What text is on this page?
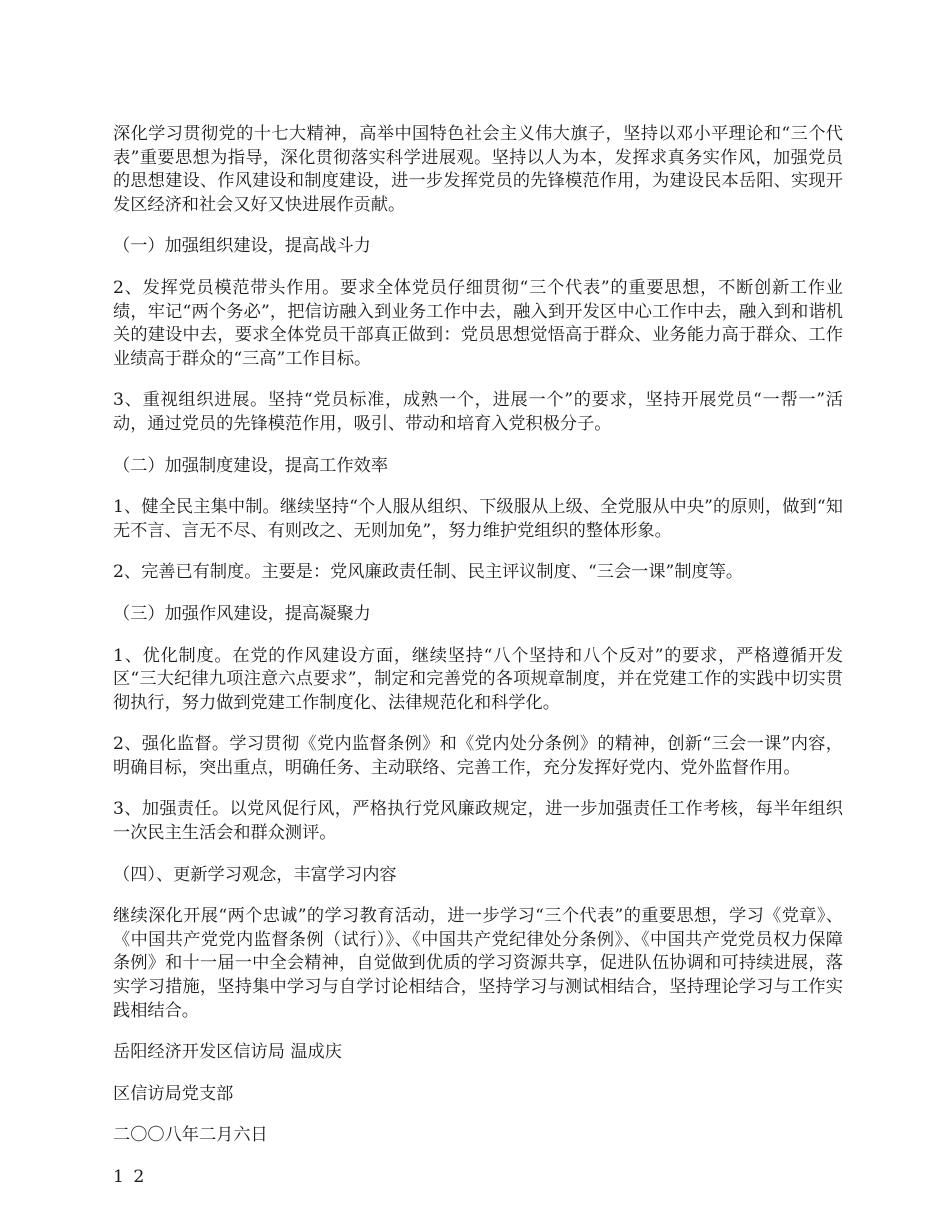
深化学习贯彻党的十七大精神，高举中国特色社会主义伟大旗子，坚持以邓小平理论和“三个代表”重要思想为指导，深化贯彻落实科学进展观。坚持以人为本，发挥求真务实作风，加强党员的思想建设、作风建设和制度建设，进一步发挥党员的先锋模范作用，为建设民本岳阳、实现开发区经济和社会又好又快进展作贡献。

（一）加强组织建设，提高战斗力

2、发挥党员模范带头作用。要求全体党员仔细贯彻“三个代表”的重要思想，不断创新工作业绩，牢记“两个务必”，把信访融入到业务工作中去，融入到开发区中心工作中去，融入到和谐机关的建设中去，要求全体党员干部真正做到：党员思想觉悟高于群众、业务能力高于群众、工作业绩高于群众的“三高”工作目标。

3、重视组织进展。坚持“党员标准，成熟一个，进展一个”的要求，坚持开展党员“一帮一”活动，通过党员的先锋模范作用，吸引、带动和培育入党积极分子。

（二）加强制度建设，提高工作效率

1、健全民主集中制。继续坚持“个人服从组织、下级服从上级、全党服从中央”的原则，做到“知无不言、言无不尽、有则改之、无则加免”，努力维护党组织的整体形象。

2、完善已有制度。主要是：党风廉政责任制、民主评议制度、“三会一课”制度等。

（三）加强作风建设，提高凝聚力

1、优化制度。在党的作风建设方面，继续坚持“八个坚持和八个反对”的要求，严格遵循开发区“三大纪律九项注意六点要求”，制定和完善党的各项规章制度，并在党建工作的实践中切实贯彻执行，努力做到党建工作制度化、法律规范化和科学化。

2、强化监督。学习贯彻《党内监督条例》和《党内处分条例》的精神，创新“三会一课”内容，明确目标，突出重点，明确任务、主动联络、完善工作，充分发挥好党内、党外监督作用。

3、加强责任。以党风促行风，严格执行党风廉政规定，进一步加强责任工作考核，每半年组织一次民主生活会和群众测评。

（四）、更新学习观念，丰富学习内容

继续深化开展“两个忠诚”的学习教育活动，进一步学习“三个代表”的重要思想，学习《党章》、《中国共产党党内监督条例（试行）》、《中国共产党纪律处分条例》、《中国共产党党员权力保障条例》和十一届一中全会精神，自觉做到优质的学习资源共享，促进队伍协调和可持续进展，落实学习措施，坚持集中学习与自学讨论相结合，坚持学习与测试相结合，坚持理论学习与工作实践相结合。

岳阳经济开发区信访局 温成庆

区信访局党支部

二〇〇八年二月六日

1 2
